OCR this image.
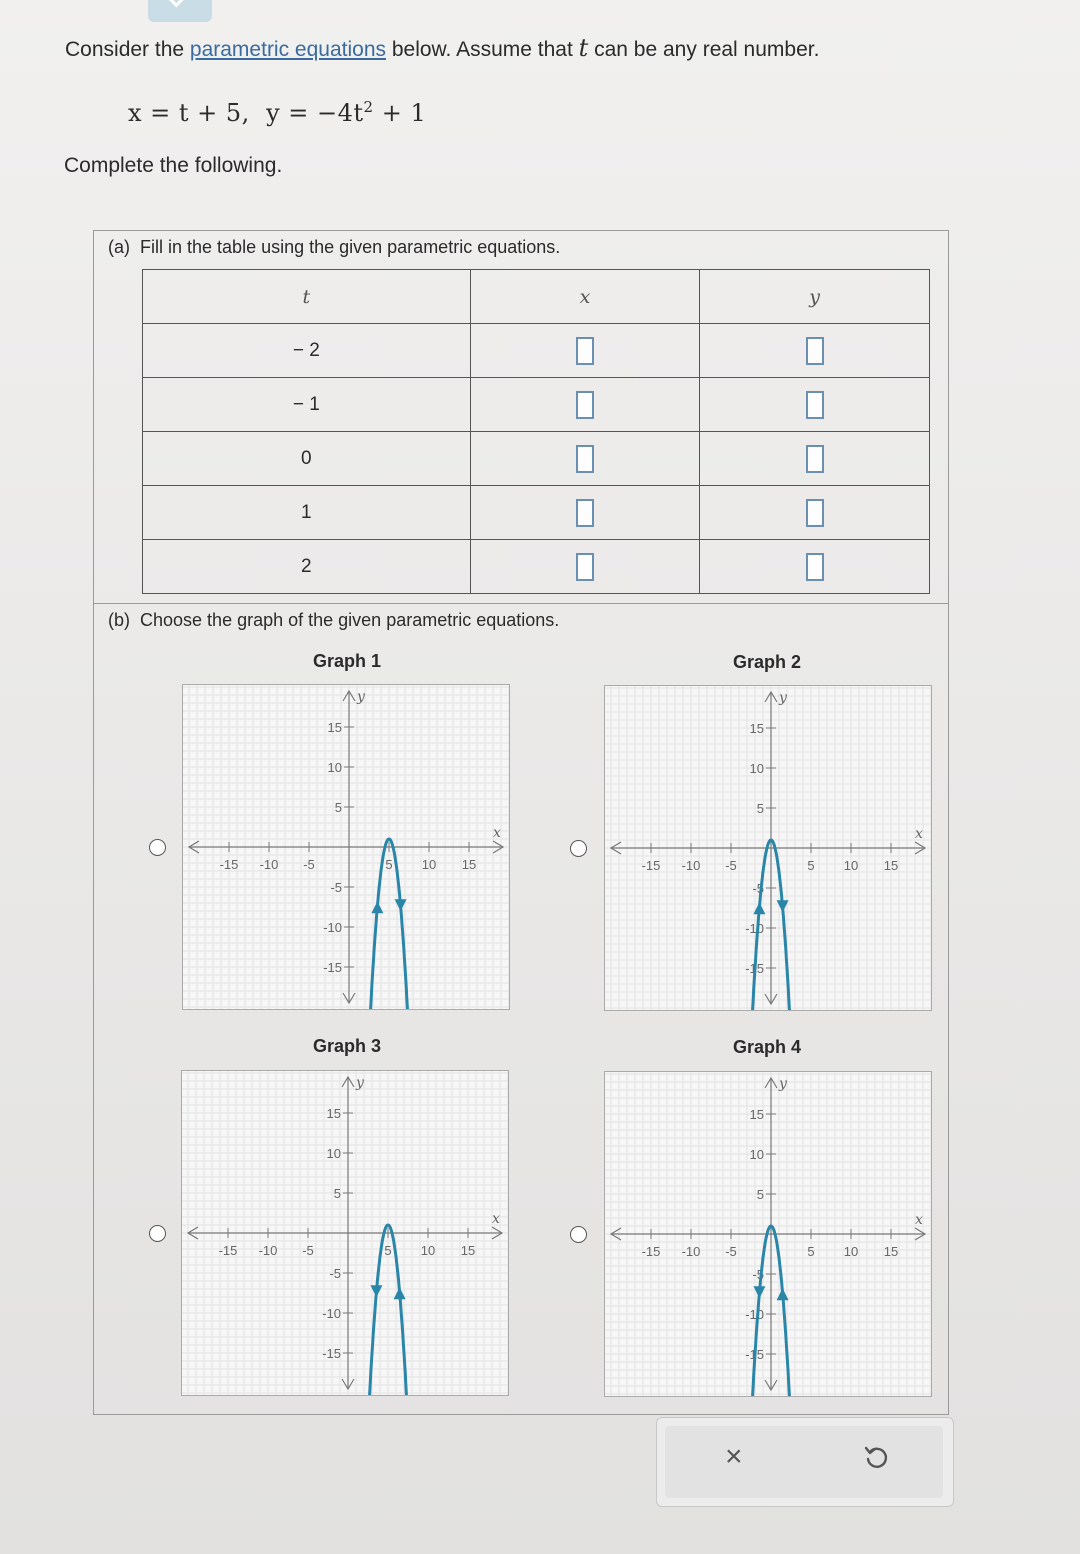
Consider the parametric equations below. Assume that t can be any real number.
x = t + 5, $y = -4t^2 + 1$
Complete the following.
(a) Fill in the table using the given parametric equations.
t	x	y
− 2		
− 1		
0		
1		
2		
(b) Choose the graph of the given parametric equations.
Graph 1	Graph 2
Graph 3	Graph 4
-15 -10 -5	5 10 15
15
10
5
-5
-10
-15
x
y
-15 -10 -5	5 10 15
15
10
5
-5
-10
-15
x
y
-15 -10 -5	5 10 15
15
10
5
-5
-10
-15
x
y
-15 -10 -5	5 10 15
15
10
5
-5
-10
-15
x
y
×
